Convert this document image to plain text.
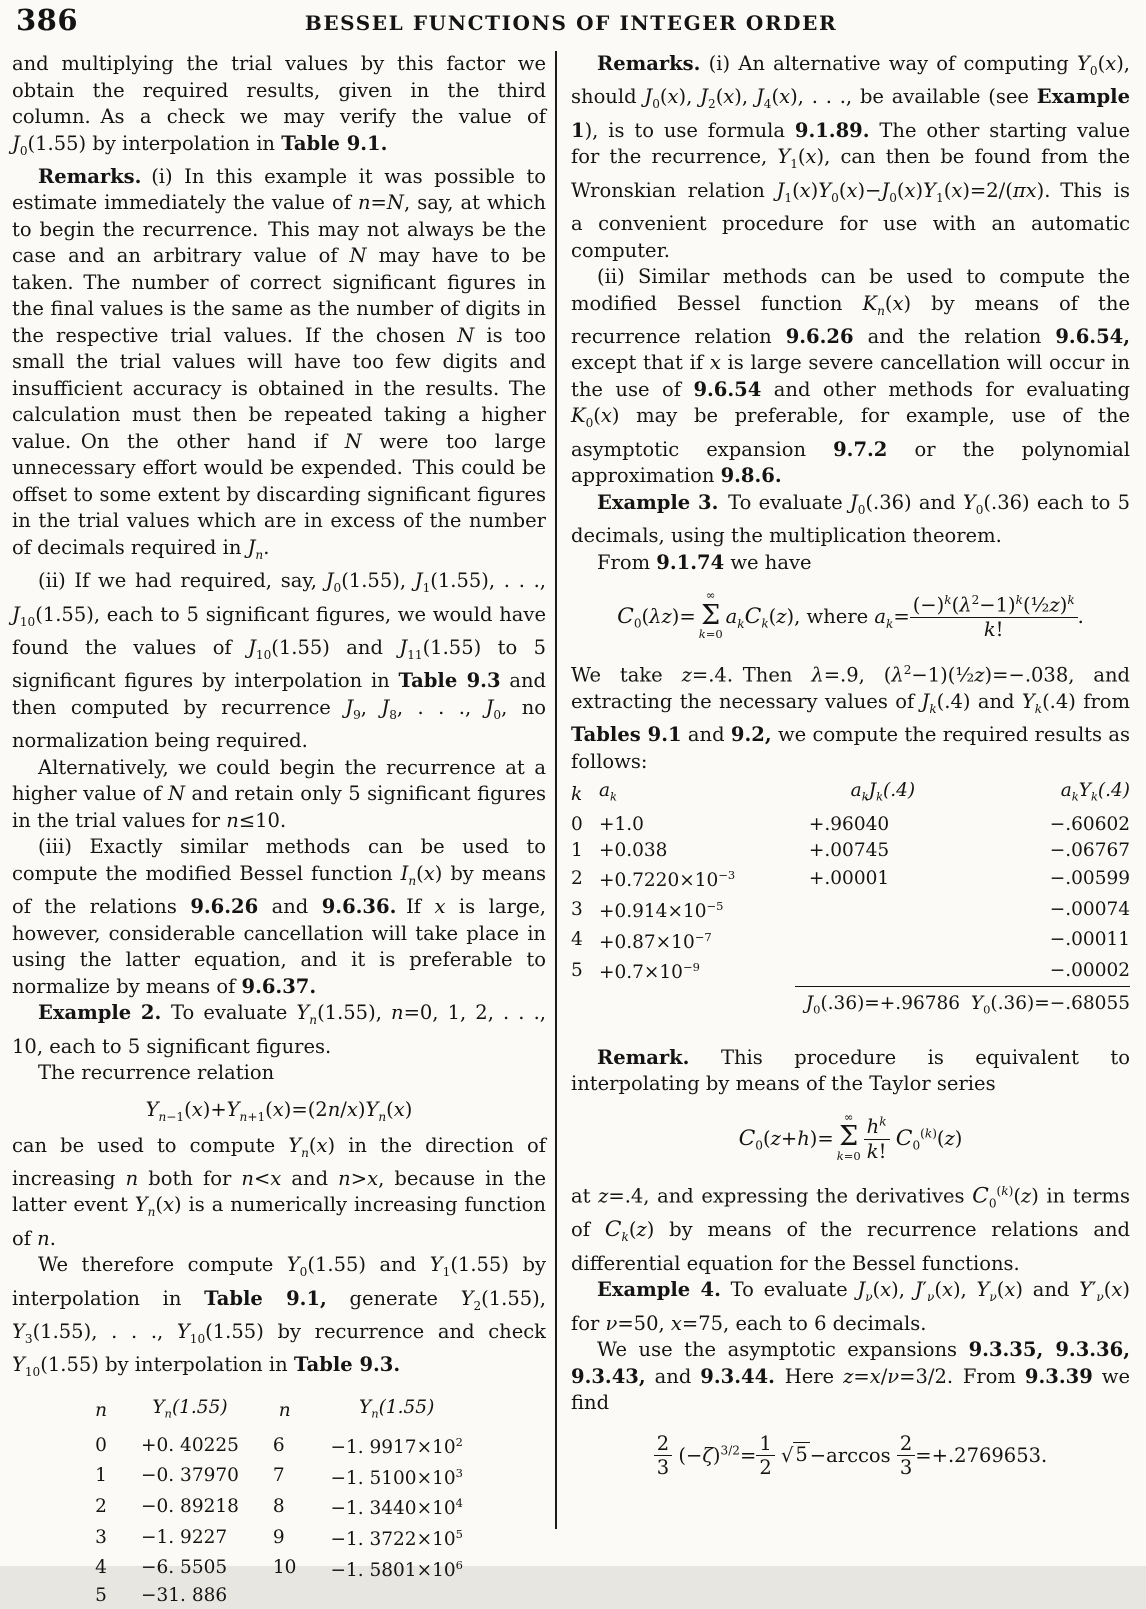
386	BESSEL FUNCTIONS OF INTEGER ORDER

and multiplying the trial values by this factor we obtain the required results, given in the third column. As a check we may verify the value of $J_0(1.55)$ by interpolation in Table 9.1.

Remarks. (i) In this example it was possible to estimate immediately the value of n=N, say, at which to begin the recurrence. This may not always be the case and an arbitrary value of N may have to be taken. The number of correct significant figures in the final values is the same as the number of digits in the respective trial values. If the chosen N is too small the trial values will have too few digits and insufficient accuracy is obtained in the results. The calculation must then be repeated taking a higher value. On the other hand if N were too large unnecessary effort would be expended. This could be offset to some extent by discarding significant figures in the trial values which are in excess of the number of decimals required in $J_n$.

(ii) If we had required, say, $J_0(1.55)$, $J_1(1.55)$, . . ., $J_{10}(1.55)$, each to 5 significant figures, we would have found the values of $J_{10}(1.55)$ and $J_{11}(1.55)$ to 5 significant figures by interpolation in Table 9.3 and then computed by recurrence $J_9$, $J_8$, . . ., $J_0$, no normalization being required.

Alternatively, we could begin the recurrence at a higher value of N and retain only 5 significant figures in the trial values for n≤10.

(iii) Exactly similar methods can be used to compute the modified Bessel function $I_n(x)$ by means of the relations 9.6.26 and 9.6.36. If x is large, however, considerable cancellation will take place in using the latter equation, and it is preferable to normalize by means of 9.6.37.

Example 2. To evaluate $Y_n(1.55)$, n=0, 1, 2, . . ., 10, each to 5 significant figures.

The recurrence relation

$Y_{n-1}(x)+Y_{n+1}(x)=(2n/x)Y_n(x)$

can be used to compute $Y_n(x)$ in the direction of increasing n both for n<x and n>x, because in the latter event $Y_n(x)$ is a numerically increasing function of n.

We therefore compute $Y_0(1.55)$ and $Y_1(1.55)$ by interpolation in Table 9.1, generate $Y_2(1.55)$, $Y_3(1.55)$, . . ., $Y_{10}(1.55)$ by recurrence and check $Y_{10}(1.55)$ by interpolation in Table 9.3.

n	$Y_n(1.55)$	n	$Y_n(1.55)$
0	+0. 40225	6	−1. $9917\times 10^2$
1	−0. 37970	7	−1. $5100\times 10^3$
2	−0. 89218	8	−1. $3440\times 10^4$
3	−1. 9227	9	−1. $3722\times 10^5$
4	−6. 5505	10	−1. $5801\times 10^6$
5	−31. 886		

Remarks. (i) An alternative way of computing $Y_0(x)$, should $J_0(x)$, $J_2(x)$, $J_4(x)$, . . ., be available (see Example 1), is to use formula 9.1.89. The other starting value for the recurrence, $Y_1(x)$, can then be found from the Wronskian relation $J_1(x)Y_0(x)-J_0(x)Y_1(x)=2/(\pi x)$. This is a convenient procedure for use with an automatic computer.

(ii) Similar methods can be used to compute the modified Bessel function $K_n(x)$ by means of the recurrence relation 9.6.26 and the relation 9.6.54, except that if x is large severe cancellation will occur in the use of 9.6.54 and other methods for evaluating $K_0(x)$ may be preferable, for example, use of the asymptotic expansion 9.7.2 or the polynomial approximation 9.8.6.

Example 3. To evaluate $J_0(.36)$ and $Y_0(.36)$ each to 5 decimals, using the multiplication theorem.

From 9.1.74 we have

$C_0(\lambda z)=$
∞
Σ
k=0
$a_kC_k(z)$, where $a_k= \frac{(-)^k(\lambda^2-1)^k(\frac{1}{2}z)^k}{k!}$ .

We take z=.4. Then λ=.9, $(\lambda^2-1)(\frac{1}{2}z)=-.038$, and extracting the necessary values of $J_k(.4)$ and $Y_k(.4)$ from Tables 9.1 and 9.2, we compute the required results as follows:

k	$a_k$	$a_kJ_k(.4)$	$a_kY_k(.4)$
0	+1.0	+.96040	−.60602
1	+0.038	+.00745	−.06767
2	$+0.7220\times 10^{-3}$	+.00001	−.00599
3	$+0.914\times 10^{-5}$		−.00074
4	$+0.87\times 10^{-7}$		−.00011
5	$+0.7\times 10^{-9}$		−.00002
		$J_0(.36)=+.96786$	$Y_0(.36)=-.68055$

Remark. This procedure is equivalent to interpolating by means of the Taylor series

$C_0(z+h)=$
∞
Σ
$k=0 \frac{h^k}{k!} C_0^{(k)}(z)$

at z=.4, and expressing the derivatives $C_0^{(k)}(z)$ in terms of $C_k(z)$ by means of the recurrence relations and differential equation for the Bessel functions.

Example 4. To evaluate $J_\nu(x)$, $J'_\nu(x)$, $Y_\nu(x)$ and $Y'_\nu(x)$ for ν=50, x=75, each to 6 decimals.

We use the asymptotic expansions 9.3.35, 9.3.36, 9.3.43, and 9.3.44. Here z=x/ν=3/2. From 9.3.39 we find

$\frac{2}{3} (-\zeta)^{3/2}= \frac{1}{2}$ √ $5 -\arccos \frac{2}{3} =+.2769653$.
